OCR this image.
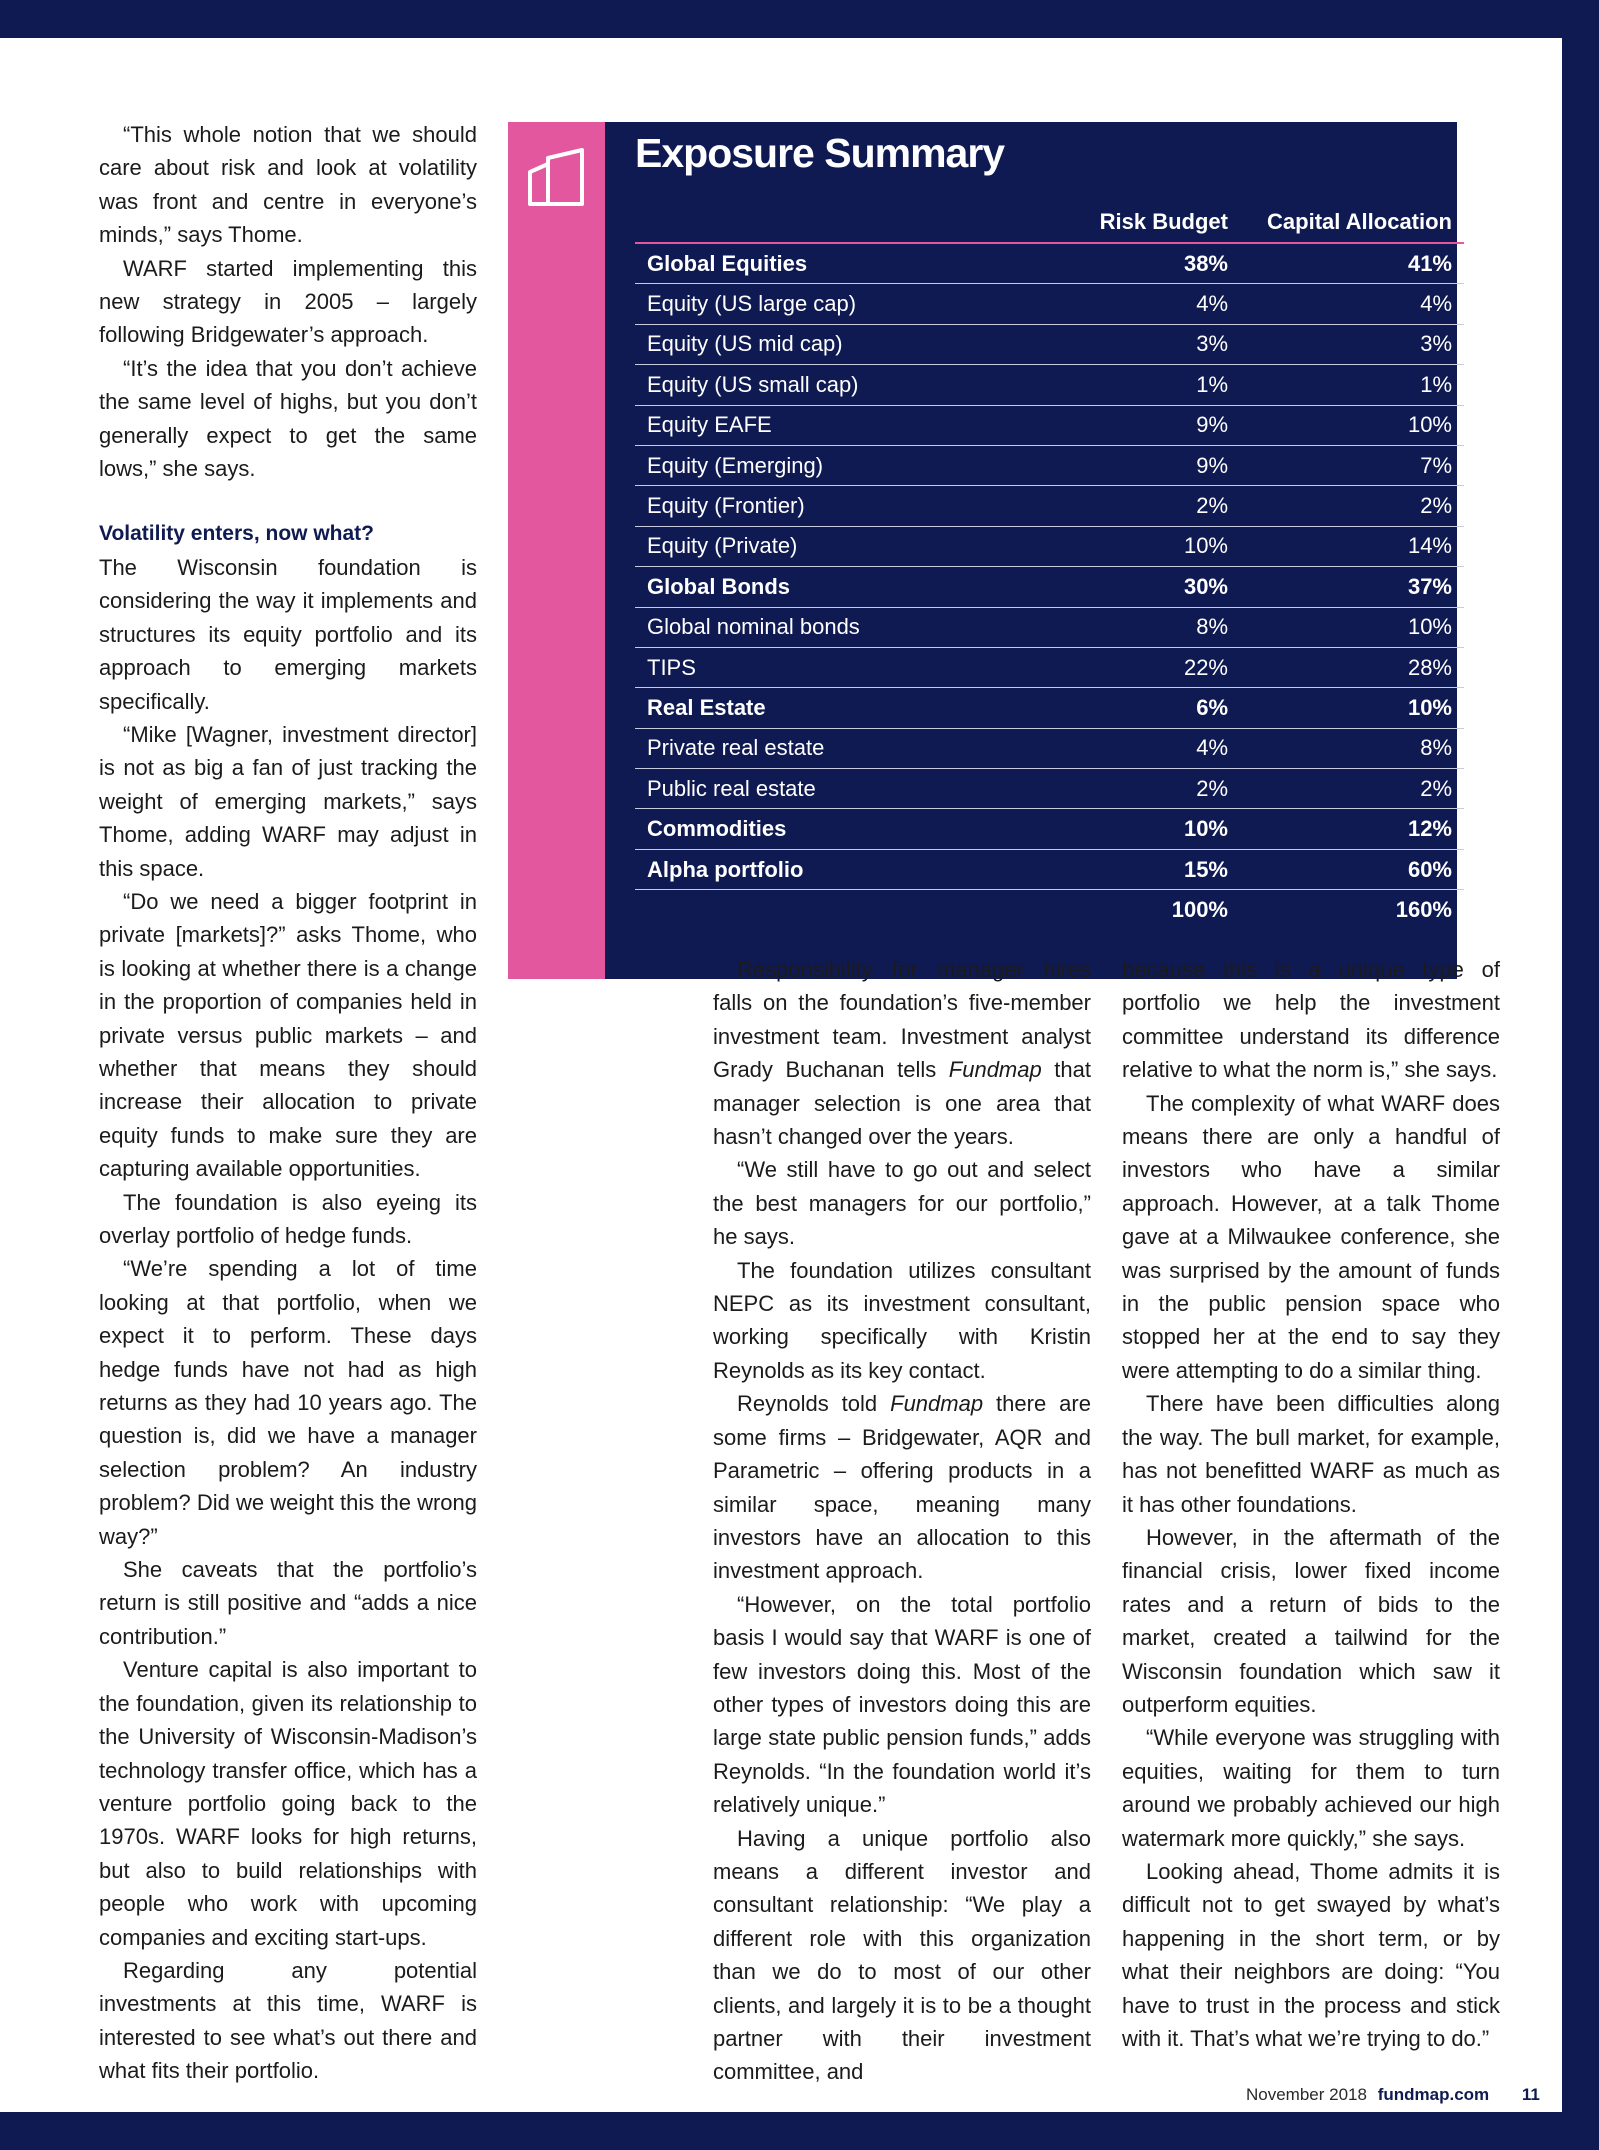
“This whole notion that we should care about risk and look at volatility was front and centre in everyone’s minds,” says Thome.

WARF started implementing this new strategy in 2005 – largely following Bridgewater’s approach.

“It’s the idea that you don’t achieve the same level of highs, but you don’t generally expect to get the same lows,” she says.

Volatility enters, now what?

The Wisconsin foundation is considering the way it implements and structures its equity portfolio and its approach to emerging markets specifically.

“Mike [Wagner, investment director] is not as big a fan of just tracking the weight of emerging markets,” says Thome, adding WARF may adjust in this space.

“Do we need a bigger footprint in private [markets]?” asks Thome, who is looking at whether there is a change in the proportion of companies held in private versus public markets – and whether that means they should increase their allocation to private equity funds to make sure they are capturing available opportunities.

The foundation is also eyeing its overlay portfolio of hedge funds.

“We’re spending a lot of time looking at that portfolio, when we expect it to perform. These days hedge funds have not had as high returns as they had 10 years ago. The question is, did we have a manager selection problem? An industry problem? Did we weight this the wrong way?”

She caveats that the portfolio’s return is still positive and “adds a nice contribution.”

Venture capital is also important to the foundation, given its relationship to the University of Wisconsin-Madison’s technology transfer office, which has a venture portfolio going back to the 1970s. WARF looks for high returns, but also to build relationships with people who work with upcoming companies and exciting start-ups.

Regarding any potential investments at this time, WARF is interested to see what’s out there and what fits their portfolio.

Exposure Summary
	Risk Budget	Capital Allocation
Global Equities	38%	41%
Equity (US large cap)	4%	4%
Equity (US mid cap)	3%	3%
Equity (US small cap)	1%	1%
Equity EAFE	9%	10%
Equity (Emerging)	9%	7%
Equity (Frontier)	2%	2%
Equity (Private)	10%	14%
Global Bonds	30%	37%
Global nominal bonds	8%	10%
TIPS	22%	28%
Real Estate	6%	10%
Private real estate	4%	8%
Public real estate	2%	2%
Commodities	10%	12%
Alpha portfolio	15%	60%
	100%	160%

Responsibility for manager hires falls on the foundation’s five-member investment team. Investment analyst Grady Buchanan tells Fundmap that manager selection is one area that hasn’t changed over the years.

“We still have to go out and select the best managers for our portfolio,” he says.

The foundation utilizes consultant NEPC as its investment consultant, working specifically with Kristin Reynolds as its key contact.

Reynolds told Fundmap there are some firms – Bridgewater, AQR and Parametric – offering products in a similar space, meaning many investors have an allocation to this investment approach.

“However, on the total portfolio basis I would say that WARF is one of few investors doing this. Most of the other types of investors doing this are large state public pension funds,” adds Reynolds. “In the foundation world it’s relatively unique.”

Having a unique portfolio also means a different investor and consultant relationship: “We play a different role with this organization than we do to most of our other clients, and largely it is to be a thought partner with their investment committee, and

because this is a unique type of portfolio we help the investment committee understand its difference relative to what the norm is,” she says.

The complexity of what WARF does means there are only a handful of investors who have a similar approach. However, at a talk Thome gave at a Milwaukee conference, she was surprised by the amount of funds in the public pension space who stopped her at the end to say they were attempting to do a similar thing.

There have been difficulties along the way. The bull market, for example, has not benefitted WARF as much as it has other foundations.

However, in the aftermath of the financial crisis, lower fixed income rates and a return of bids to the market, created a tailwind for the Wisconsin foundation which saw it outperform equities.

“While everyone was struggling with equities, waiting for them to turn around we probably achieved our high watermark more quickly,” she says.

Looking ahead, Thome admits it is difficult not to get swayed by what’s happening in the short term, or by what their neighbors are doing: “You have to trust in the process and stick with it. That’s what we’re trying to do.”

November 2018 fundmap.com 11
